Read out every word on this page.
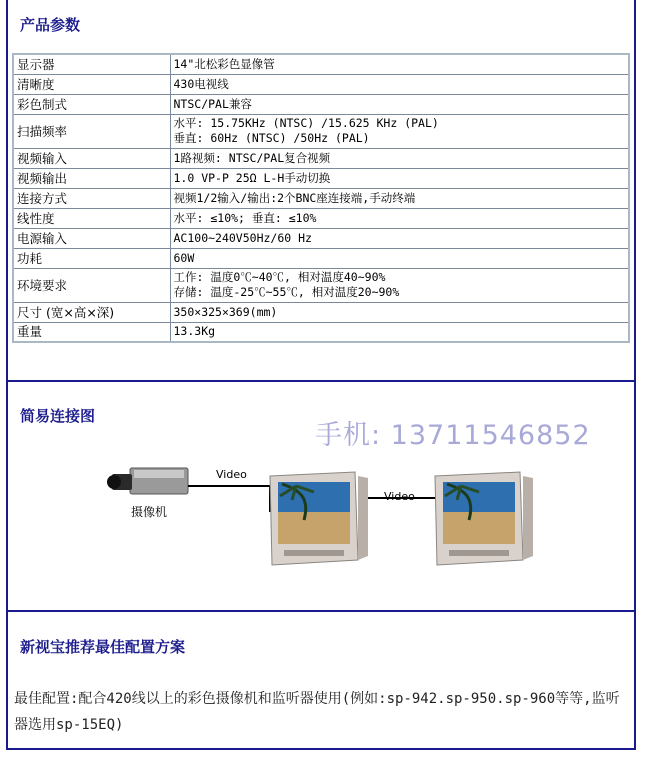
产品参数
显示器	14"北松彩色显像管

清晰度	430电视线

彩色制式	NTSC/PAL兼容

扫描频率	水平: 15.75KHz (NTSC) /15.625 KHz (PAL)
垂直: 60Hz (NTSC) /50Hz (PAL)

视频输入	1路视频: NTSC/PAL复合视频

视频输出	1.0 VP-P 25Ω L-H手动切换

连接方式	视频1/2输入/输出:2个BNC座连接端,手动终端

线性度	水平: ≤10%; 垂直: ≤10%

电源输入	AC100~240V50Hz/60 Hz

功耗	60W

环境要求	工作: 温度0℃~40℃, 相对温度40~90%
存储: 温度-25℃~55℃, 相对温度20~90%

尺寸 (宽×高×深)	350×325×369(mm)

重量	13.3Kg
简易连接图
手机: 13711546852
摄像机
Video
Video
新视宝推荐最佳配置方案
最佳配置:配合420线以上的彩色摄像机和监听器使用(例如:sp-942.sp-950.sp-960等等,监听器选用sp-15EQ)
